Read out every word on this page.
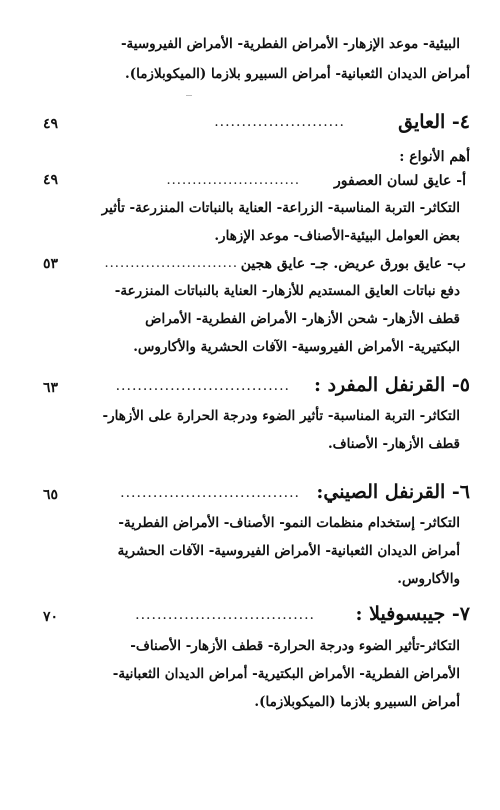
البيئية- موعد الإزهار- الأمراض الفطرية- الأمراض الفيروسية-
أمراض الديدان الثعبانية- أمراض السبيرو بلازما (الميكوبلازما).
٤- العايق
........................
٤٩
أهم الأنواع :
أ- عايق لسان العصفور
..........................
٤٩
التكاثر- التربة المناسبة- الزراعة- العناية بالنباتات المنزرعة- تأثير
بعض العوامل البيئية-الأصناف- موعد الإزهار.
ب- عايق بورق عريض. جـ- عايق هجين
..........................
٥٣
دفع نباتات العايق المستديم للأزهار- العناية بالنباتات المنزرعة-
قطف الأزهار- شحن الأزهار- الأمراض الفطرية- الأمراض
البكتيرية- الأمراض الفيروسية- الآفات الحشرية والأكاروس.
٥- القرنفل المفرد :
................................
٦٣
التكاثر- التربة المناسبة- تأثير الضوء ودرجة الحرارة على الأزهار-
قطف الأزهار- الأصناف.
٦- القرنفل الصيني:
.................................
٦٥
التكاثر- إستخدام منظمات النمو- الأصناف- الأمراض الفطرية-
أمراض الديدان الثعبانية- الأمراض الفيروسية- الآفات الحشرية
والأكاروس.
٧- جيبسوفيلا :
.................................
٧٠
التكاثر-تأثير الضوء ودرجة الحرارة- قطف الأزهار- الأصناف-
الأمراض الفطرية- الأمراض البكتيرية- أمراض الديدان الثعبانية-
أمراض السبيرو بلازما (الميكوبلازما).
